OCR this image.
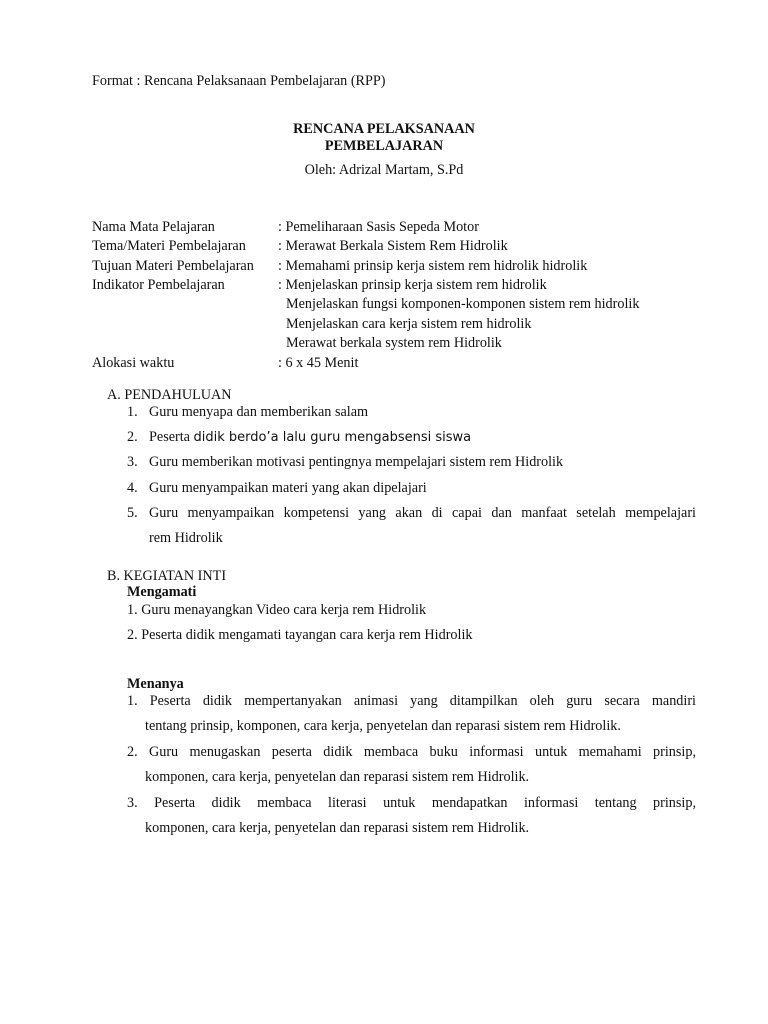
Format : Rencana Pelaksanaan Pembelajaran (RPP)
RENCANA PELAKSANAAN
PEMBELAJARAN
Oleh: Adrizal Martam, S.Pd
Nama Mata Pelajaran	: Pemeliharaan Sasis Sepeda Motor
Tema/Materi Pembelajaran : Merawat Berkala Sistem Rem Hidrolik
Tujuan Materi Pembelajaran : Memahami prinsip kerja sistem rem hidrolik hidrolik
Indikator Pembelajaran	: Menjelaskan prinsip kerja sistem rem hidrolik
Menjelaskan fungsi komponen-komponen sistem rem hidrolik
Menjelaskan cara kerja sistem rem hidrolik
Merawat berkala system rem Hidrolik
Alokasi waktu	: 6 x 45 Menit
A. PENDAHULUAN
1. Guru menyapa dan memberikan salam
2. Peserta didik berdo’a lalu guru mengabsensi siswa
3. Guru memberikan motivasi pentingnya mempelajari sistem rem Hidrolik
4. Guru menyampaikan materi yang akan dipelajari
5. Guru menyampaikan kompetensi yang akan di capai dan manfaat setelah mempelajari
rem Hidrolik
B. KEGIATAN INTI
Mengamati
1. Guru menayangkan Video cara kerja rem Hidrolik
2. Peserta didik mengamati tayangan cara kerja rem Hidrolik
Menanya
1. Peserta didik mempertanyakan animasi yang ditampilkan oleh guru secara mandiri
tentang prinsip, komponen, cara kerja, penyetelan dan reparasi sistem rem Hidrolik.
2. Guru menugaskan peserta didik membaca buku informasi untuk memahami prinsip,
komponen, cara kerja, penyetelan dan reparasi sistem rem Hidrolik.
3. Peserta didik membaca literasi untuk mendapatkan informasi tentang prinsip,
komponen, cara kerja, penyetelan dan reparasi sistem rem Hidrolik.
